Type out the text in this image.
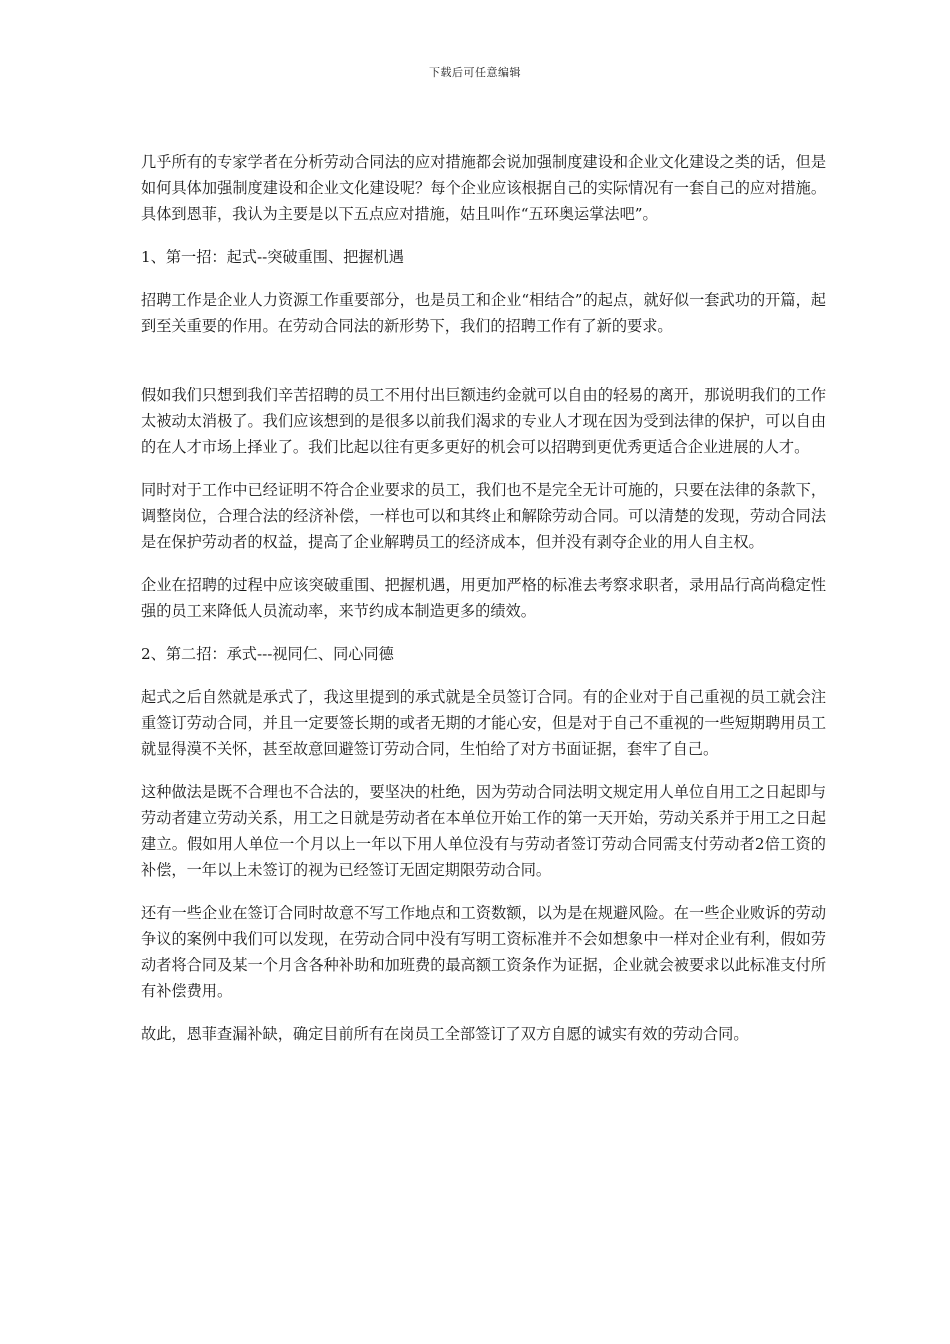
下载后可任意编辑

几乎所有的专家学者在分析劳动合同法的应对措施都会说加强制度建设和企业文化建设之类的话，但是如何具体加强制度建设和企业文化建设呢？每个企业应该根据自己的实际情况有一套自己的应对措施。具体到恩菲，我认为主要是以下五点应对措施，姑且叫作“五环奥运掌法吧”。

1、第一招：起式--突破重围、把握机遇

招聘工作是企业人力资源工作重要部分，也是员工和企业“相结合”的起点，就好似一套武功的开篇，起到至关重要的作用。在劳动合同法的新形势下，我们的招聘工作有了新的要求。

假如我们只想到我们辛苦招聘的员工不用付出巨额违约金就可以自由的轻易的离开，那说明我们的工作太被动太消极了。我们应该想到的是很多以前我们渴求的专业人才现在因为受到法律的保护，可以自由的在人才市场上择业了。我们比起以往有更多更好的机会可以招聘到更优秀更适合企业进展的人才。

同时对于工作中已经证明不符合企业要求的员工，我们也不是完全无计可施的，只要在法律的条款下，调整岗位，合理合法的经济补偿，一样也可以和其终止和解除劳动合同。可以清楚的发现，劳动合同法是在保护劳动者的权益，提高了企业解聘员工的经济成本，但并没有剥夺企业的用人自主权。

企业在招聘的过程中应该突破重围、把握机遇，用更加严格的标准去考察求职者，录用品行高尚稳定性强的员工来降低人员流动率，来节约成本制造更多的绩效。

2、第二招：承式---视同仁、同心同德

起式之后自然就是承式了，我这里提到的承式就是全员签订合同。有的企业对于自己重视的员工就会注重签订劳动合同，并且一定要签长期的或者无期的才能心安，但是对于自己不重视的一些短期聘用员工就显得漠不关怀，甚至故意回避签订劳动合同，生怕给了对方书面证据，套牢了自己。

这种做法是既不合理也不合法的，要坚决的杜绝，因为劳动合同法明文规定用人单位自用工之日起即与劳动者建立劳动关系，用工之日就是劳动者在本单位开始工作的第一天开始，劳动关系并于用工之日起建立。假如用人单位一个月以上一年以下用人单位没有与劳动者签订劳动合同需支付劳动者2倍工资的补偿，一年以上未签订的视为已经签订无固定期限劳动合同。

还有一些企业在签订合同时故意不写工作地点和工资数额，以为是在规避风险。在一些企业败诉的劳动争议的案例中我们可以发现，在劳动合同中没有写明工资标准并不会如想象中一样对企业有利，假如劳动者将合同及某一个月含各种补助和加班费的最高额工资条作为证据，企业就会被要求以此标准支付所有补偿费用。

故此，恩菲查漏补缺，确定目前所有在岗员工全部签订了双方自愿的诚实有效的劳动合同。
